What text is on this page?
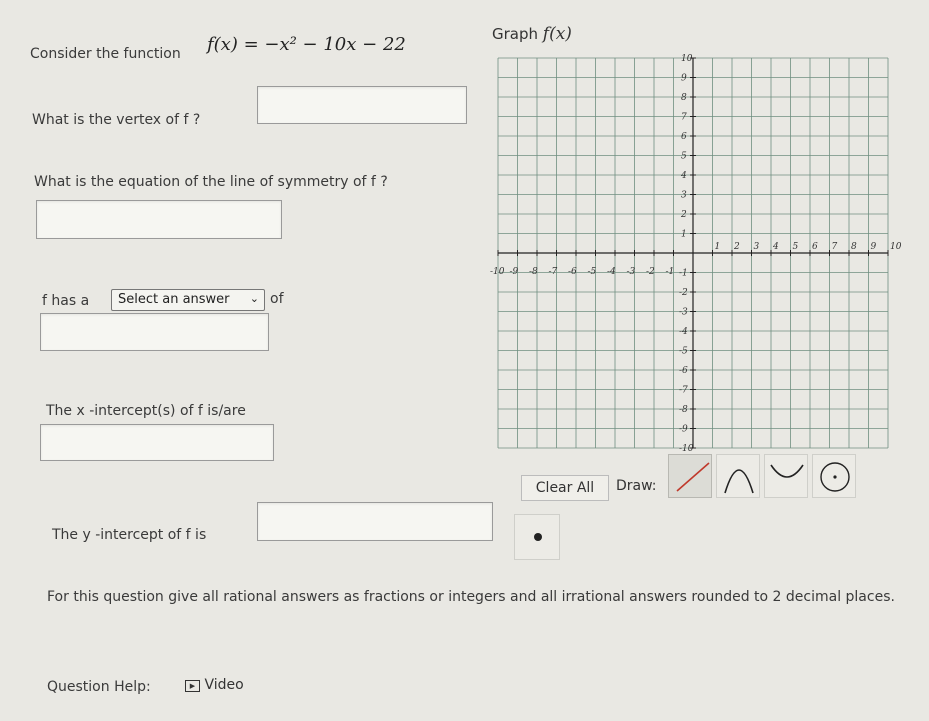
Consider the function f(x) = −x² − 10x − 22	Graph f(x)
What is the vertex of f ?
What is the equation of the line of symmetry of f ?
f has a	Select an answer ⌄ of
The x -intercept(s) of f is/are
The y -intercept of f is
-10 -9 -8 -7 -6 -5 -4 -3 -2 -1
1 2 3 4 5 6 7 8 9 10
10
9
8
7
6
5
4
3
2
1
-1
-2
-3
-4
-5
-6
-7
-8
-9
-10
Clear All	Draw:
For this question give all rational answers as fractions or integers and all irrational answers rounded to 2 decimal places.
Question Help:	▶ Video
